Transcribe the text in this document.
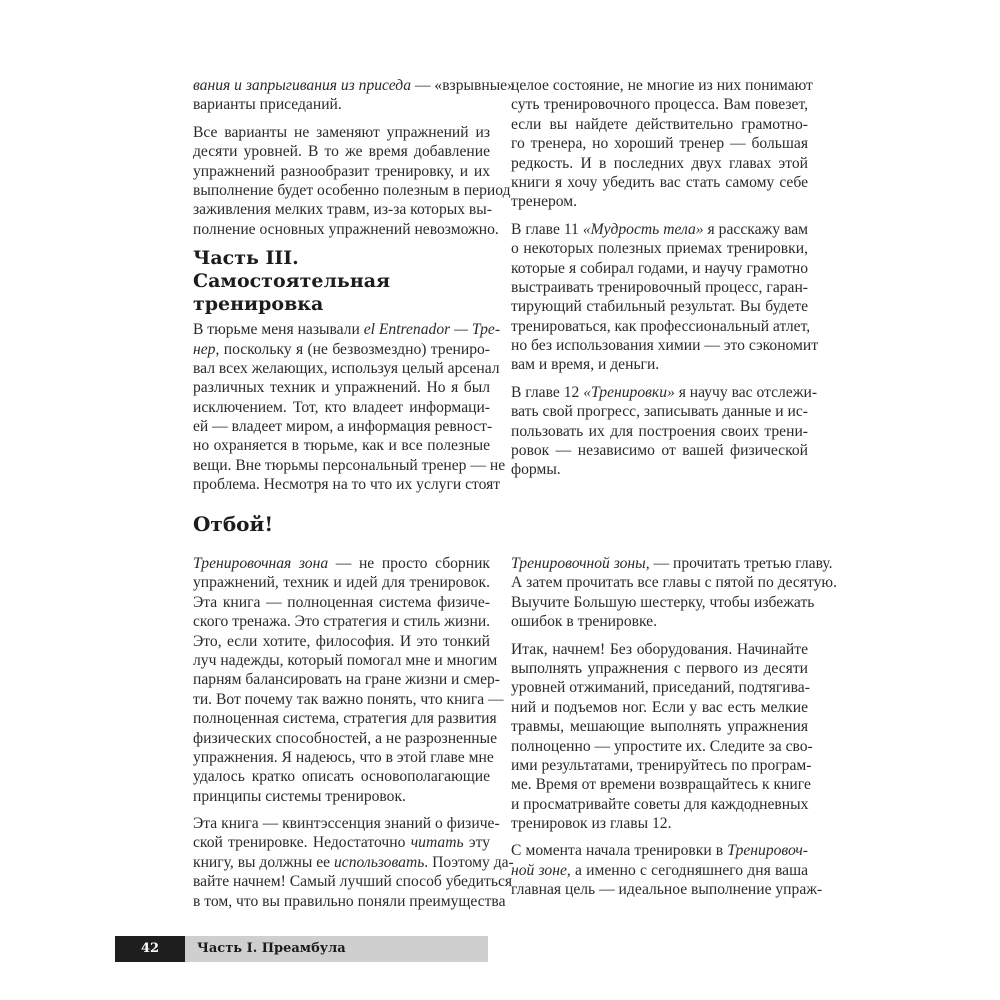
вания и запрыгивания из приседа — «взрывные»
варианты приседаний.
Все варианты не заменяют упражнений из
десяти уровней. В то же время добавление
упражнений разнообразит тренировку, и их
выполнение будет особенно полезным в период
заживления мелких травм, из-за которых вы-
полнение основных упражнений невозможно.
Часть III. Самостоятельная
тренировка
В тюрьме меня называли el Entrenador — Тре-
нер, поскольку я (не безвозмездно) трениро-
вал всех желающих, используя целый арсенал
различных техник и упражнений. Но я был
исключением. Тот, кто владеет информаци-
ей — владеет миром, а информация ревност-
но охраняется в тюрьме, как и все полезные
вещи. Вне тюрьмы персональный тренер — не
проблема. Несмотря на то что их услуги стоят
целое состояние, не многие из них понимают
суть тренировочного процесса. Вам повезет,
если вы найдете действительно грамотно-
го тренера, но хороший тренер — большая
редкость. И в последних двух главах этой
книги я хочу убедить вас стать самому себе
тренером.
В главе 11 «Мудрость тела» я расскажу вам
о некоторых полезных приемах тренировки,
которые я собирал годами, и научу грамотно
выстраивать тренировочный процесс, гаран-
тирующий стабильный результат. Вы будете
тренироваться, как профессиональный атлет,
но без использования химии — это сэкономит
вам и время, и деньги.
В главе 12 «Тренировки» я научу вас отслежи-
вать свой прогресс, записывать данные и ис-
пользовать их для построения своих трени-
ровок — независимо от вашей физической
формы.
Отбой!
Тренировочная зона — не просто сборник
упражнений, техник и идей для тренировок.
Эта книга — полноценная система физиче-
ского тренажа. Это стратегия и стиль жизни.
Это, если хотите, философия. И это тонкий
луч надежды, который помогал мне и многим
парням балансировать на гране жизни и смер-
ти. Вот почему так важно понять, что книга —
полноценная система, стратегия для развития
физических способностей, а не разрозненные
упражнения. Я надеюсь, что в этой главе мне
удалось кратко описать основополагающие
принципы системы тренировок.
Эта книга — квинтэссенция знаний о физиче-
ской тренировке. Недостаточно читать эту
книгу, вы должны ее использовать. Поэтому да-
вайте начнем! Самый лучший способ убедиться
в том, что вы правильно поняли преимущества
Тренировочной зоны, — прочитать третью главу.
А затем прочитать все главы с пятой по десятую.
Выучите Большую шестерку, чтобы избежать
ошибок в тренировке.
Итак, начнем! Без оборудования. Начинайте
выполнять упражнения с первого из десяти
уровней отжиманий, приседаний, подтягива-
ний и подъемов ног. Если у вас есть мелкие
травмы, мешающие выполнять упражнения
полноценно — упростите их. Следите за сво-
ими результатами, тренируйтесь по програм-
ме. Время от времени возвращайтесь к книге
и просматривайте советы для каждодневных
тренировок из главы 12.
С момента начала тренировки в Тренировоч-
ной зоне, а именно с сегодняшнего дня ваша
главная цель — идеальное выполнение упраж-
42	Часть I. Преамбула
